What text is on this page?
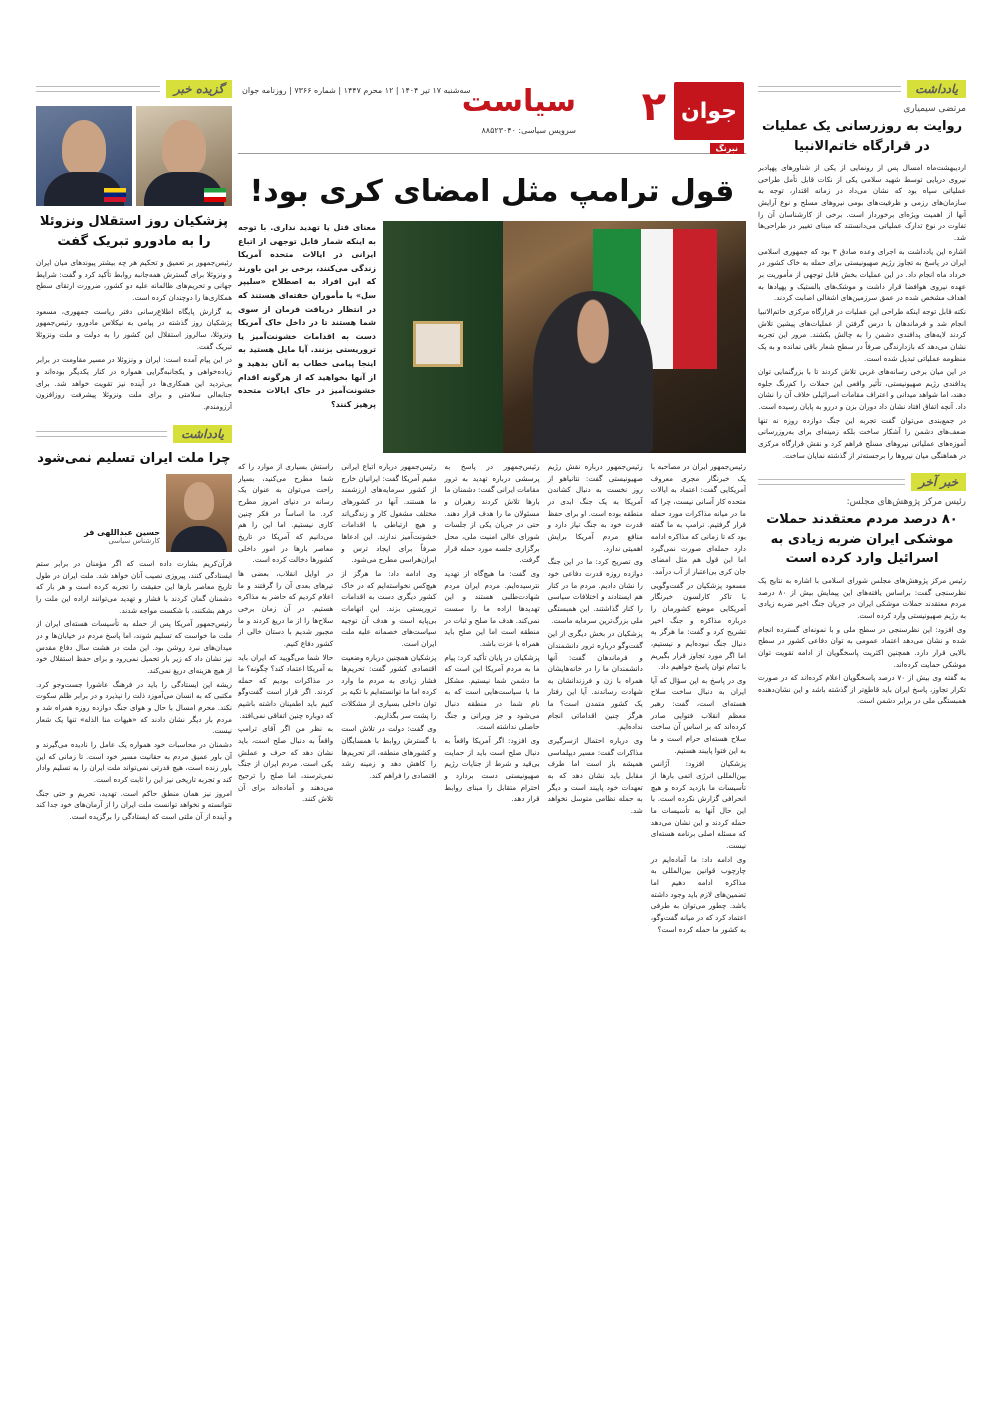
جوان
نبرنگ
۲
سیاست
سه‌شنبه ۱۷ تیر ۱۴۰۴ | ۱۲ محرم ۱۴۴۷ | شماره ۷۳۶۶ | روزنامه جوان
سرویس سیاسی: ۸۸۵۲۳۰۴۰
قول ترامپ مثل امضای کری بود!
معنای قتل یا تهدید نداری. با توجه به اینکه شمار قابل توجهی از اتباع ایرانی در ایالات متحده آمریکا زندگی می‌کنند، برخی بر این باورند که این افراد به اصطلاح «سلیپر سل» یا مأموران خفته‌ای هستند که در انتظار دریافت فرمان از سوی شما هستند تا در داخل خاک آمریکا دست به اقدامات خشونت‌آمیز یا تروریستی بزنند. آیا مایل هستید به اینجا پیامی خطاب به آنان بدهید و از آنها بخواهید که از هرگونه اقدام خشونت‌آمیز در خاک ایالات متحده پرهیز کنند؟

رئیس‌جمهور ایران در مصاحبه با یک خبرنگار مجری معروف آمریکایی گفت: اعتماد به ایالات متحده کار آسانی نیست، چرا که ما در میانه مذاکرات مورد حمله قرار گرفتیم. ترامپ به ما گفته بود که تا زمانی که مذاکره ادامه دارد حمله‌ای صورت نمی‌گیرد اما این قول هم مثل امضای جان کری بی‌اعتبار از آب درآمد.

مسعود پزشکیان در گفت‌وگویی با تاکر کارلسون خبرنگار آمریکایی موضع کشورمان را درباره مذاکره و جنگ اخیر تشریح کرد و گفت: ما هرگز به دنبال جنگ نبوده‌ایم و نیستیم، اما اگر مورد تجاوز قرار بگیریم با تمام توان پاسخ خواهیم داد.

وی در پاسخ به این سؤال که آیا ایران به دنبال ساخت سلاح هسته‌ای است، گفت: رهبر معظم انقلاب فتوایی صادر کرده‌اند که بر اساس آن ساخت سلاح هسته‌ای حرام است و ما به این فتوا پایبند هستیم.

پزشکیان افزود: آژانس بین‌المللی انرژی اتمی بارها از تأسیسات ما بازدید کرده و هیچ انحرافی گزارش نکرده است. با این حال آنها به تأسیسات ما حمله کردند و این نشان می‌دهد که مسئله اصلی برنامه هسته‌ای نیست.

وی ادامه داد: ما آماده‌ایم در چارچوب قوانین بین‌المللی به مذاکره ادامه دهیم اما تضمین‌های لازم باید وجود داشته باشد. چطور می‌توان به طرفی اعتماد کرد که در میانه گفت‌وگو، به کشور ما حمله کرده است؟

رئیس‌جمهور درباره نقش رژیم صهیونیستی گفت: نتانیاهو از روز نخست به دنبال کشاندن آمریکا به یک جنگ ابدی در منطقه بوده است. او برای حفظ قدرت خود به جنگ نیاز دارد و منافع مردم آمریکا برایش اهمیتی ندارد.

وی تصریح کرد: ما در این جنگ دوازده روزه قدرت دفاعی خود را نشان دادیم. مردم ما در کنار هم ایستادند و اختلافات سیاسی را کنار گذاشتند. این همبستگی ملی بزرگ‌ترین سرمایه ماست.

پزشکیان در بخش دیگری از این گفت‌وگو درباره ترور دانشمندان و فرماندهان گفت: آنها دانشمندان ما را در خانه‌هایشان همراه با زن و فرزندانشان به شهادت رساندند. آیا این رفتار یک کشور متمدن است؟ ما هرگز چنین اقداماتی انجام نداده‌ایم.

وی درباره احتمال ازسرگیری مذاکرات گفت: مسیر دیپلماسی همیشه باز است اما طرف مقابل باید نشان دهد که به تعهدات خود پایبند است و دیگر به حمله نظامی متوسل نخواهد شد.

رئیس‌جمهور در پاسخ به پرسشی درباره تهدید به ترور مقامات ایرانی گفت: دشمنان ما بارها تلاش کردند رهبران و مسئولان ما را هدف قرار دهند. حتی در جریان یکی از جلسات شورای عالی امنیت ملی، محل برگزاری جلسه مورد حمله قرار گرفت.

وی گفت: ما هیچ‌گاه از تهدید نترسیده‌ایم. مردم ایران مردم شهادت‌طلبی هستند و این تهدیدها اراده ما را سست نمی‌کند. هدف ما صلح و ثبات در منطقه است اما این صلح باید همراه با عزت باشد.

پزشکیان در پایان تأکید کرد: پیام ما به مردم آمریکا این است که ما دشمن شما نیستیم. مشکل ما با سیاست‌هایی است که به نام شما در منطقه دنبال می‌شود و جز ویرانی و جنگ حاصلی نداشته است.

وی افزود: اگر آمریکا واقعاً به دنبال صلح است باید از حمایت بی‌قید و شرط از جنایات رژیم صهیونیستی دست بردارد و احترام متقابل را مبنای روابط قرار دهد.

رئیس‌جمهور درباره اتباع ایرانی مقیم آمریکا گفت: ایرانیان خارج از کشور سرمایه‌های ارزشمند ما هستند. آنها در کشورهای مختلف مشغول کار و زندگی‌اند و هیچ ارتباطی با اقدامات خشونت‌آمیز ندارند. این ادعاها صرفاً برای ایجاد ترس و ایران‌هراسی مطرح می‌شود.

وی ادامه داد: ما هرگز از هیچ‌کس نخواسته‌ایم که در خاک کشور دیگری دست به اقدامات تروریستی بزند. این اتهامات بی‌پایه است و هدف آن توجیه سیاست‌های خصمانه علیه ملت ایران است.

پزشکیان همچنین درباره وضعیت اقتصادی کشور گفت: تحریم‌ها فشار زیادی به مردم ما وارد کرده اما ما توانسته‌ایم با تکیه بر توان داخلی بسیاری از مشکلات را پشت سر بگذاریم.

وی گفت: دولت در تلاش است با گسترش روابط با همسایگان و کشورهای منطقه، اثر تحریم‌ها را کاهش دهد و زمینه رشد اقتصادی را فراهم کند.

راستش بسیاری از موارد را که شما مطرح می‌کنید، بسیار راحت می‌توان به عنوان یک رسانه در دنیای امروز مطرح کرد. ما اساساً در فکر چنین کاری نیستیم. اما این را هم می‌دانیم که آمریکا در تاریخ معاصر بارها در امور داخلی کشورها دخالت کرده است.

در اوایل انقلاب، بعضی ها تیرهای بعدی آن را گرفتند و ما اعلام کردیم که حاضر به مذاکره هستیم. در آن زمان برخی سلاح‌ها را از ما دریغ کردند و ما مجبور شدیم با دستان خالی از کشور دفاع کنیم.

حالا شما می‌گویید که ایران باید به آمریکا اعتماد کند؟ چگونه؟ ما در مذاکرات بودیم که حمله کردند. اگر قرار است گفت‌وگو کنیم باید اطمینان داشته باشیم که دوباره چنین اتفاقی نمی‌افتد.

به نظر من اگر آقای ترامپ واقعاً به دنبال صلح است، باید نشان دهد که حرف و عملش یکی است. مردم ایران از جنگ نمی‌ترسند، اما صلح را ترجیح می‌دهند و آماده‌اند برای آن تلاش کنند.

یادداشت
مرتضی سیمیاری
روایت به روزرسانی یک عملیات در قرارگاه خاتم‌الانبیا

اردیبهشت‌ماه امسال پس از رونمایی از یکی از شناورهای پهپادبر نیروی دریایی توسط شهید سلامی یکی از نکات قابل تأمل طراحی عملیاتی سپاه بود که نشان می‌داد در زمانه اقتدار، توجه به سازمان‌های رزمی و ظرفیت‌های بومی نیروهای مسلح و نوع آرایش آنها از اهمیت ویژه‌ای برخوردار است. برخی از کارشناسان آن را تفاوت در نوع تدارک عملیاتی می‌دانستند که مبنای تغییر در طراحی‌ها شد.

اشاره این یادداشت به اجرای وعده صادق ۳ بود که جمهوری اسلامی ایران در پاسخ به تجاوز رژیم صهیونیستی برای حمله به خاک کشور در خرداد ماه انجام داد. در این عملیات بخش قابل توجهی از مأموریت بر عهده نیروی هوافضا قرار داشت و موشک‌های بالستیک و پهپادها به اهداف مشخص شده در عمق سرزمین‌های اشغالی اصابت کردند.

نکته قابل توجه اینکه طراحی این عملیات در قرارگاه مرکزی خاتم‌الانبیا انجام شد و فرماندهان با درس گرفتن از عملیات‌های پیشین تلاش کردند لایه‌های پدافندی دشمن را به چالش بکشند. مرور این تجربه نشان می‌دهد که بازدارندگی صرفاً در سطح شعار باقی نمانده و به یک منظومه عملیاتی تبدیل شده است.

در این میان برخی رسانه‌های غربی تلاش کردند تا با بزرگنمایی توان پدافندی رژیم صهیونیستی، تأثیر واقعی این حملات را کم‌رنگ جلوه دهند، اما شواهد میدانی و اعتراف مقامات اسرائیلی خلاف آن را نشان داد. آنچه اتفاق افتاد نشان داد دوران بزن و دررو به پایان رسیده است.

در جمع‌بندی می‌توان گفت تجربه این جنگ دوازده روزه نه تنها ضعف‌های دشمن را آشکار ساخت بلکه زمینه‌ای برای به‌روزرسانی آموزه‌های عملیاتی نیروهای مسلح فراهم کرد و نقش قرارگاه مرکزی در هماهنگی میان نیروها را برجسته‌تر از گذشته نمایان ساخت.

خبر آخر
رئیس مرکز پژوهش‌های مجلس:
۸۰ درصد مردم معتقدند حملات موشکی ایران ضربه زیادی به اسرائیل وارد کرده است

رئیس مرکز پژوهش‌های مجلس شورای اسلامی با اشاره به نتایج یک نظرسنجی گفت: براساس یافته‌های این پیمایش بیش از ۸۰ درصد مردم معتقدند حملات موشکی ایران در جریان جنگ اخیر ضربه زیادی به رژیم صهیونیستی وارد کرده است.

وی افزود: این نظرسنجی در سطح ملی و با نمونه‌ای گسترده انجام شده و نشان می‌دهد اعتماد عمومی به توان دفاعی کشور در سطح بالایی قرار دارد. همچنین اکثریت پاسخگویان از ادامه تقویت توان موشکی حمایت کرده‌اند.

به گفته وی بیش از ۷۰ درصد پاسخگویان اعلام کرده‌اند که در صورت تکرار تجاوز، پاسخ ایران باید قاطع‌تر از گذشته باشد و این نشان‌دهنده همبستگی ملی در برابر دشمن است.

گزیده خبر
پزشکیان روز استقلال ونزوئلا را به مادورو تبریک گفت

رئیس‌جمهور بر تعمیق و تحکیم هر چه بیشتر پیوندهای میان ایران و ونزوئلا برای گسترش همه‌جانبه روابط تأکید کرد و گفت: شرایط جهانی و تحریم‌های ظالمانه علیه دو کشور، ضرورت ارتقای سطح همکاری‌ها را دوچندان کرده است.

به گزارش پایگاه اطلاع‌رسانی دفتر ریاست جمهوری، مسعود پزشکیان روز گذشته در پیامی به نیکلاس مادورو، رئیس‌جمهور ونزوئلا، سالروز استقلال این کشور را به دولت و ملت ونزوئلا تبریک گفت.

در این پیام آمده است: ایران و ونزوئلا در مسیر مقاومت در برابر زیاده‌خواهی و یکجانبه‌گرایی همواره در کنار یکدیگر بوده‌اند و بی‌تردید این همکاری‌ها در آینده نیز تقویت خواهد شد. برای جنابعالی سلامتی و برای ملت ونزوئلا پیشرفت روزافزون آرزومندم.

یادداشت
چرا ملت ایران تسلیم نمی‌شود
حسین عبداللهی فر
کارشناس سیاسی

قرآن‌کریم بشارت داده است که اگر مؤمنان در برابر ستم ایستادگی کنند، پیروزی نصیب آنان خواهد شد. ملت ایران در طول تاریخ معاصر بارها این حقیقت را تجربه کرده است و هر بار که دشمنان گمان کردند با فشار و تهدید می‌توانند اراده این ملت را درهم بشکنند، با شکست مواجه شدند.

رئیس‌جمهور آمریکا پس از حمله به تأسیسات هسته‌ای ایران از ملت ما خواست که تسلیم شوند، اما پاسخ مردم در خیابان‌ها و در میدان‌های نبرد روشن بود. این ملت در هشت سال دفاع مقدس نیز نشان داد که زیر بار تحمیل نمی‌رود و برای حفظ استقلال خود از هیچ هزینه‌ای دریغ نمی‌کند.

ریشه این ایستادگی را باید در فرهنگ عاشورا جست‌وجو کرد. مکتبی که به انسان می‌آموزد ذلت را نپذیرد و در برابر ظلم سکوت نکند. محرم امسال با حال و هوای جنگ دوازده روزه همراه شد و مردم بار دیگر نشان دادند که «هیهات منا الذله» تنها یک شعار نیست.

دشمنان در محاسبات خود همواره یک عامل را نادیده می‌گیرند و آن باور عمیق مردم به حقانیت مسیر خود است. تا زمانی که این باور زنده است، هیچ قدرتی نمی‌تواند ملت ایران را به تسلیم وادار کند و تجربه تاریخی نیز این را ثابت کرده است.

امروز نیز همان منطق حاکم است. تهدید، تحریم و حتی جنگ نتوانسته و نخواهد توانست ملت ایران را از آرمان‌های خود جدا کند و آینده از آن ملتی است که ایستادگی را برگزیده است.
